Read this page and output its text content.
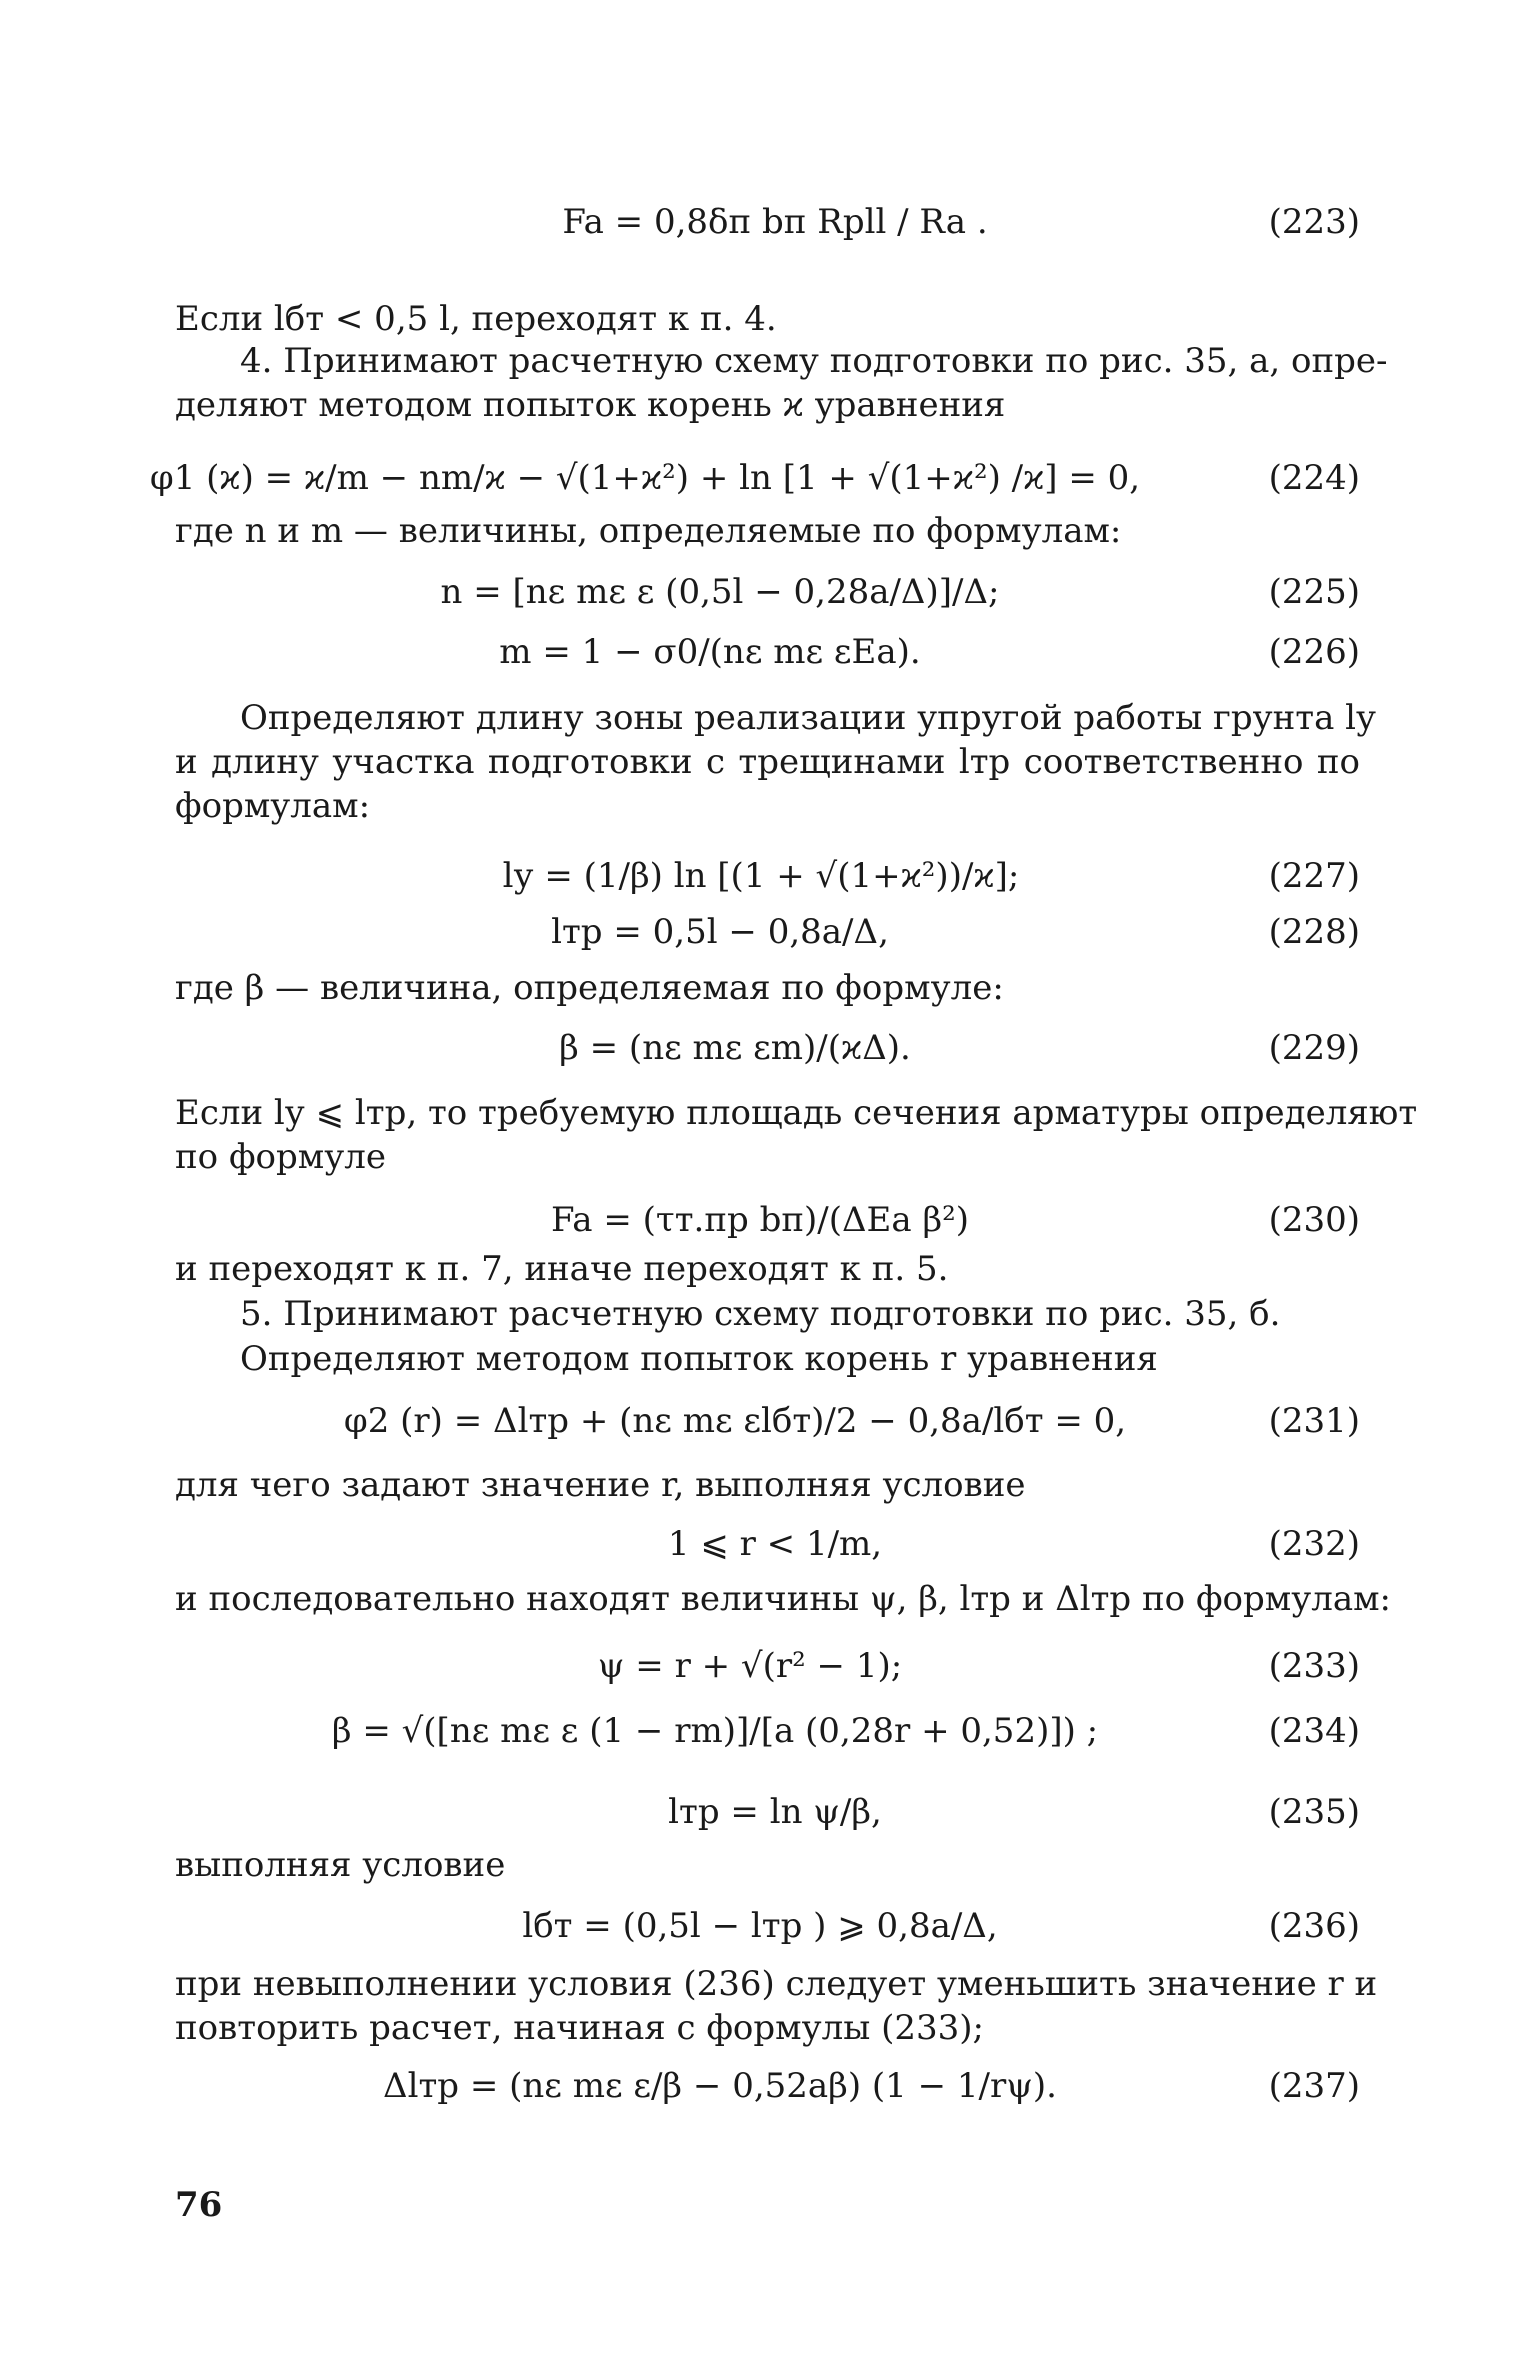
Fa = 0,8δп bп Rpll / Ra .	(223)
Если lбт < 0,5 l, переходят к п. 4.
4. Принимают расчетную схему подготовки по рис. 35, a, опре-
деляют методом попыток корень ϰ уравнения
φ1 (ϰ) = ϰ/m − nm/ϰ − √(1+ϰ²) + ln [1 + √(1+ϰ²) /ϰ] = 0,	(224)
где n и m — величины, определяемые по формулам:
n = [nε mε ε (0,5l − 0,28a/Δ)]/Δ;	(225)
m = 1 − σ0/(nε mε εEa).	(226)
Определяют длину зоны реализации упругой работы грунта lу
и длину участка подготовки с трещинами lтр соответственно по
формулам:
lу = (1/β) ln [(1 + √(1+ϰ²))/ϰ];	(227)
lтр = 0,5l − 0,8a/Δ,	(228)
где β — величина, определяемая по формуле:
β = (nε mε εm)/(ϰΔ).	(229)
Если lу ⩽ lтр, то требуемую площадь сечения арматуры определяют
по формуле
Fa = (τт.пр bп)/(ΔEa β²)	(230)
и переходят к п. 7, иначе переходят к п. 5.
5. Принимают расчетную схему подготовки по рис. 35, б.
Определяют методом попыток корень r уравнения
φ2 (r) = Δlтр + (nε mε εlбт)/2 − 0,8a/lбт = 0,	(231)
для чего задают значение r, выполняя условие
1 ⩽ r < 1/m,	(232)
и последовательно находят величины ψ, β, lтр и Δlтр по формулам:
ψ = r + √(r² − 1);	(233)
β = √([nε mε ε (1 − rm)]/[a (0,28r + 0,52)]) ;	(234)
lтр = ln ψ/β,	(235)
выполняя условие
lбт = (0,5l − lтр ) ⩾ 0,8a/Δ,	(236)
при невыполнении условия (236) следует уменьшить значение r и
повторить расчет, начиная с формулы (233);
Δlтр = (nε mε ε/β − 0,52aβ) (1 − 1/rψ).	(237)
76
